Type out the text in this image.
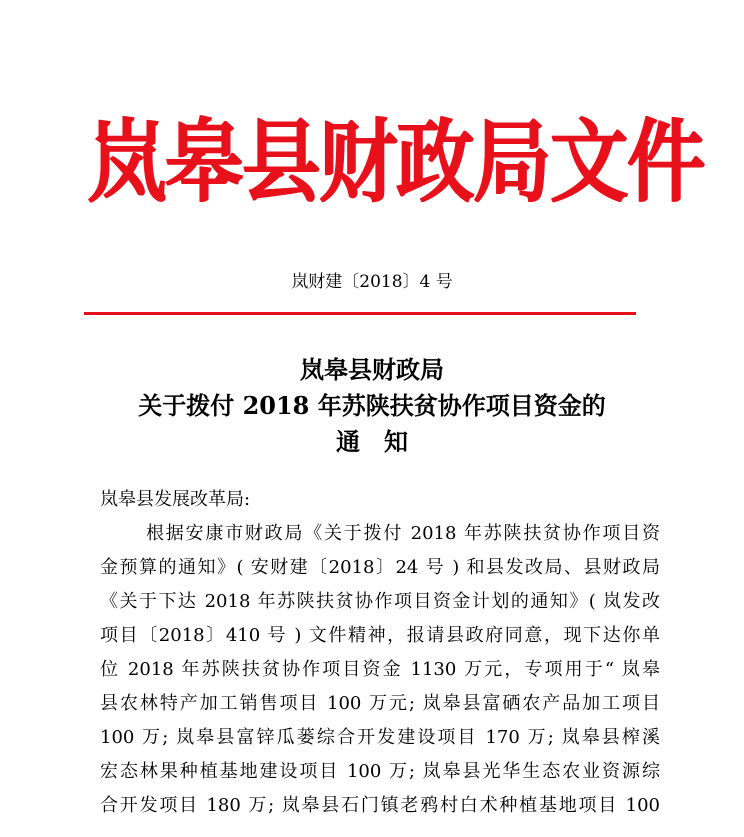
岚皋县财政局文件

岚财建〔2018〕4 号

岚皋县财政局
关于拨付 2018 年苏陕扶贫协作项目资金的
通　知

岚皋县发展改革局:

根据安康市财政局《关于拨付 2018 年苏陕扶贫协作项目资
金预算的通知》( 安财建〔2018〕24 号 ) 和县发改局、县财政局
《关于下达 2018 年苏陕扶贫协作项目资金计划的通知》( 岚发改
项目〔2018〕410 号 ) 文件精神，报请县政府同意，现下达你单
位 2018 年苏陕扶贫协作项目资金 1130 万元，专项用于“ 岚皋
县农林特产加工销售项目 100 万元; 岚皋县富硒农产品加工项目
100 万; 岚皋县富锌瓜蒌综合开发建设项目 170 万; 岚皋县榨溪
宏态林果种植基地建设项目 100 万; 岚皋县光华生态农业资源综
合开发项目 180 万; 岚皋县石门镇老鸦村白术种植基地项目 100
